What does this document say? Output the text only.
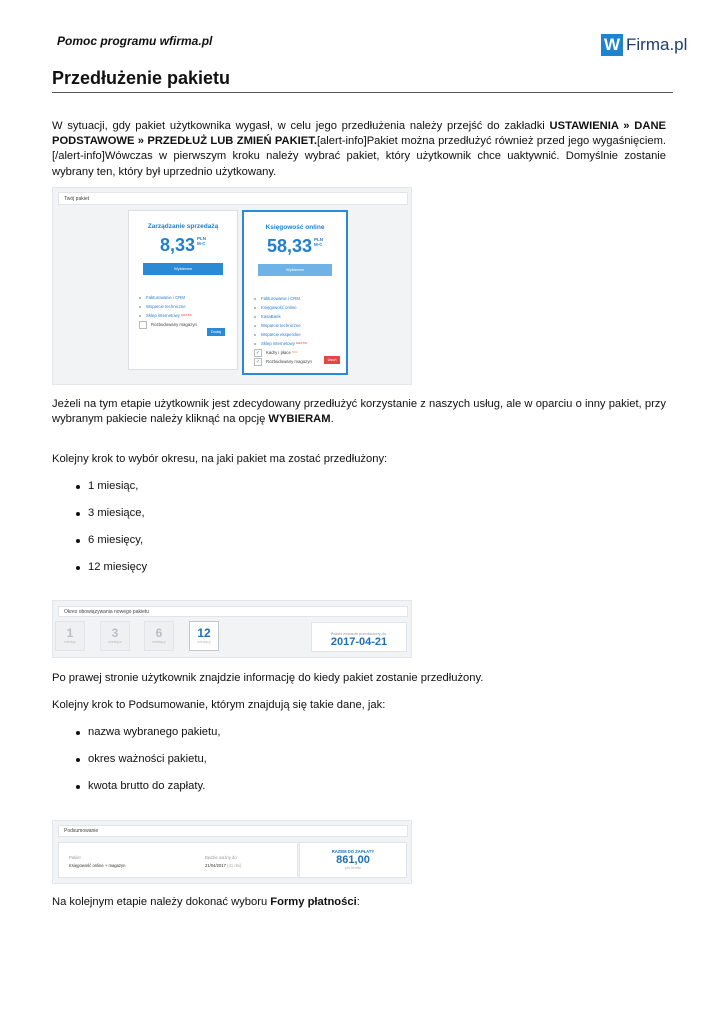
Pomoc programu wfirma.pl	W Firma.pl
Przedłużenie pakietu

W sytuacji, gdy pakiet użytkownika wygasł, w celu jego przedłużenia należy przejść do zakładki USTAWIENIA » DANE PODSTAWOWE » PRZEDŁUŻ LUB ZMIEŃ PAKIET.[alert-info]Pakiet można przedłużyć również przed jego wygaśnięciem.[/alert-info]Wówczas w pierwszym kroku należy wybrać pakiet, który użytkownik chce uaktywnić. Domyślnie zostanie wybrany ten, który był uprzednio użytkowany.

Twój pakiet
Zarządzanie sprzedażą
8,33 PLN
M-C
Wybieram
Fakturowanie i CRM
Wsparcie techniczne
Sklep internetowy GRATIS
Rozbudowany magazyn
Dodaj
Księgowość online
58,33 PLN
M-C
Wybieram
Fakturowanie i CRM
Księgowość online
KasaBank
Wsparcie techniczne
Wsparcie eksperckie
Sklep internetowy GRATIS
✓	Kadry i płace 50%
✓	Rozbudowany magazyn	Usuń

Jeżeli na tym etapie użytkownik jest zdecydowany przedłużyć korzystanie z naszych usług, ale w oparciu o inny pakiet, przy wybranym pakiecie należy kliknąć na opcję WYBIERAM.

Kolejny krok to wybór okresu, na jaki pakiet ma zostać przedłużony:

1 miesiąc,
3 miesiące,
6 miesięcy,
12 miesięcy
Okres obowiązywania nowego pakietu
1
miesiąc
3
miesiące
6
miesięcy
12
miesięcy
Pakiet zostanie przedłużony do:
2017-04-21

Po prawej stronie użytkownik znajdzie informację do kiedy pakiet zostanie przedłużony.

Kolejny krok to Podsumowanie, którym znajdują się takie dane, jak:

nazwa wybranego pakietu,
okres ważności pakietu,
kwota brutto do zapłaty.
Podsumowanie
Pakiet
Księgowość online + magazyn
Będzie ważny do
21/04/2017 (31 dni)
RAZEM DO ZAPŁATY
861,00
pln brutto

Na kolejnym etapie należy dokonać wyboru Formy płatności:
